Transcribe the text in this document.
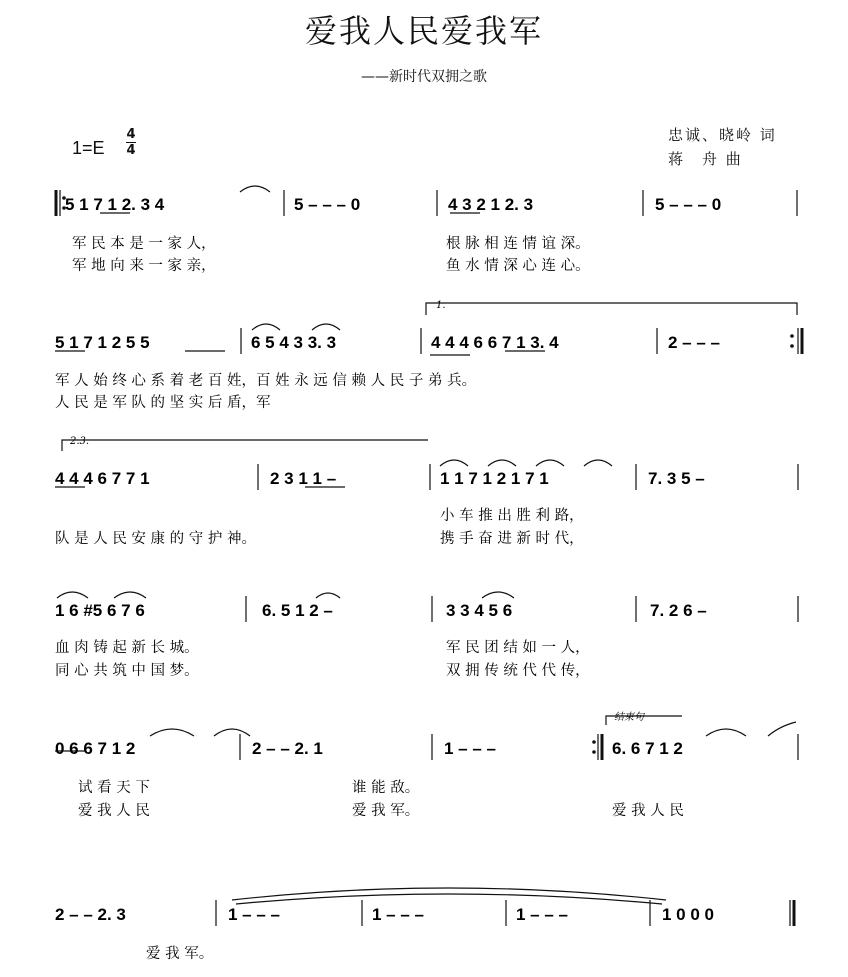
爱我人民爱我军
——新时代双拥之歌
1=E
4
4
忠诚、晓岭 词
蒋　舟 曲
1.
2.3.
结束句
5 1 7 1 2. 3 4	5 – – – 0	4 3 2 1 2. 3	5 – – – 0
军 民 本 是 一 家 人，	根 脉 相 连 情 谊 深。
军 地 向 来 一 家 亲，	鱼 水 情 深 心 连 心。
5 1 7 1 2 5 5	6 5 4 3 3. 3	4 4 4 6 6 7 1 3. 4	2 – – –
军 人 始 终 心 系 着 老 百 姓，百 姓 永 远 信 赖 人 民 子 弟 兵。
人 民 是 军 队 的 坚 实 后 盾，军
4 4 4 6 7 7 1	2 3 1 1 –	1 1 7 1 2 1 7 1	7. 3 5 –
小 车 推 出 胜 利 路，
队 是 人 民 安 康 的 守 护 神。	携 手 奋 进 新 时 代，
1 6 #5 6 7 6	6. 5 1 2 –	3 3 4 5 6	7. 2 6 –
血 肉 铸 起 新 长 城。	军 民 团 结 如 一 人，
同 心 共 筑 中 国 梦。	双 拥 传 统 代 代 传，
0 6 6 7 1 2	2 – – 2. 1	1 – – –	6. 6 7 1 2
试 看 天 下	谁 能 敌。
爱 我 人 民	爱 我 军。	爱 我 人 民
2 – – 2. 3	1 – – –	1 – – –	1 – – –	1 0 0 0
爱 我 军。
